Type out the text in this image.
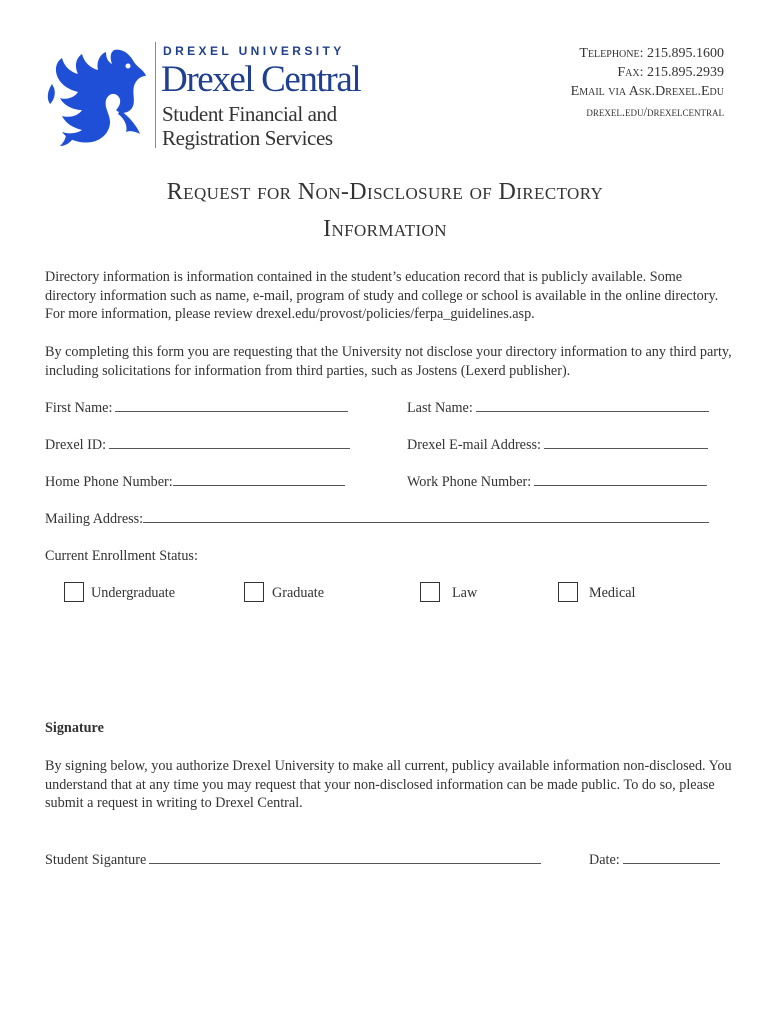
DREXEL UNIVERSITY
Drexel Central
Student Financial and
Registration Services
Telephone: 215.895.1600
Fax: 215.895.2939
Email via Ask.Drexel.Edu
drexel.edu/drexelcentral
Request for Non-Disclosure of Directory
Information
Directory information is information contained in the student’s education record that is publicly available. Some directory information such as name, e-mail, program of study and college or school is available in the online directory. For more information, please review drexel.edu/provost/policies/ferpa_guidelines.asp.
By completing this form you are requesting that the University not disclose your directory information to any third party, including solicitations for information from third parties, such as Jostens (Lexerd publisher).
First Name:	Last Name:
Drexel ID:	Drexel E-mail Address:
Home Phone Number:	Work Phone Number:
Mailing Address:
Current Enrollment Status:
Undergraduate	Graduate	Law	Medical
Signature
By signing below, you authorize Drexel University to make all current, publicy available information non-disclosed. You understand that at any time you may request that your non-disclosed information can be made public. To do so, please submit a request in writing to Drexel Central.
Student Siganture	Date:
